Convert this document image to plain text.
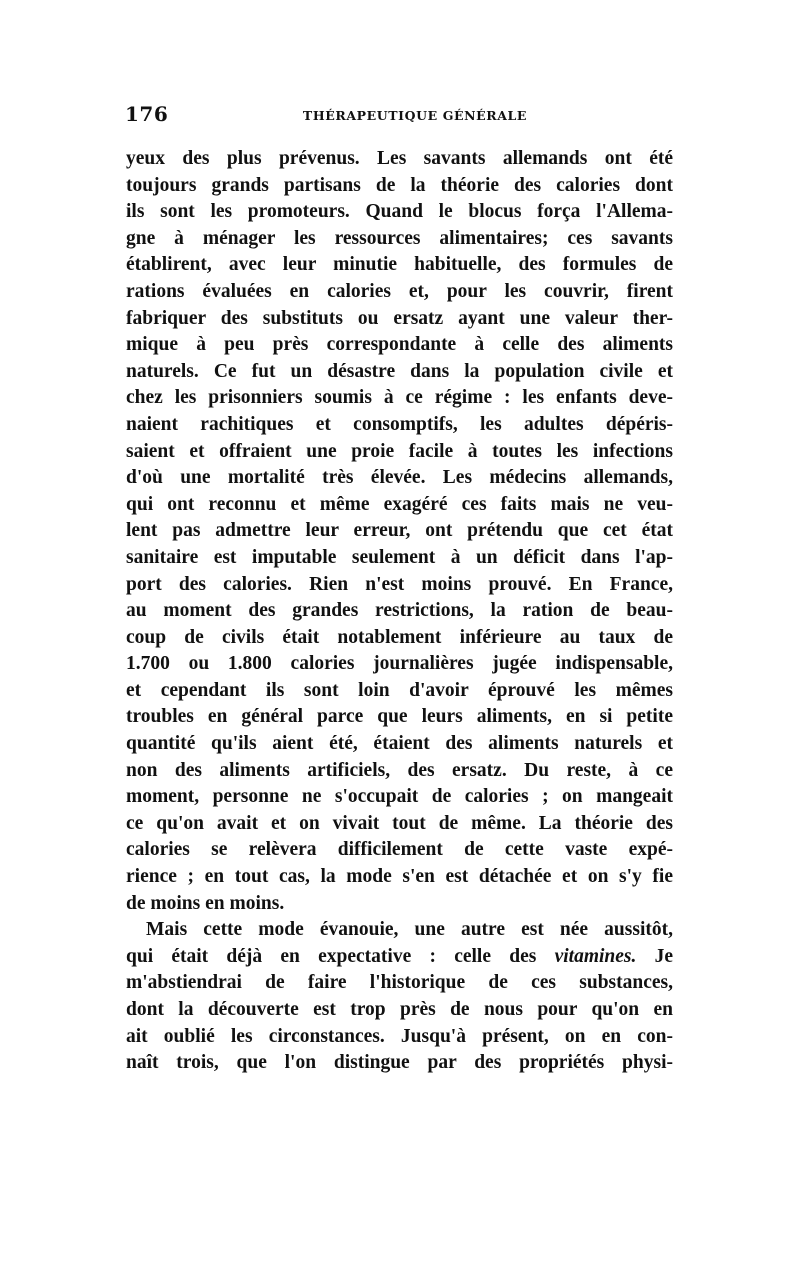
176	THÉRAPEUTIQUE GÉNÉRALE
yeux des plus prévenus. Les savants allemands ont été
toujours grands partisans de la théorie des calories dont
ils sont les promoteurs. Quand le blocus força l'Allema-
gne à ménager les ressources alimentaires; ces savants
établirent, avec leur minutie habituelle, des formules de
rations évaluées en calories et, pour les couvrir, firent
fabriquer des substituts ou ersatz ayant une valeur ther-
mique à peu près correspondante à celle des aliments
naturels. Ce fut un désastre dans la population civile et
chez les prisonniers soumis à ce régime : les enfants deve-
naient rachitiques et consomptifs, les adultes dépéris-
saient et offraient une proie facile à toutes les infections
d'où une mortalité très élevée. Les médecins allemands,
qui ont reconnu et même exagéré ces faits mais ne veu-
lent pas admettre leur erreur, ont prétendu que cet état
sanitaire est imputable seulement à un déficit dans l'ap-
port des calories. Rien n'est moins prouvé. En France,
au moment des grandes restrictions, la ration de beau-
coup de civils était notablement inférieure au taux de
1.700 ou 1.800 calories journalières jugée indispensable,
et cependant ils sont loin d'avoir éprouvé les mêmes
troubles en général parce que leurs aliments, en si petite
quantité qu'ils aient été, étaient des aliments naturels et
non des aliments artificiels, des ersatz. Du reste, à ce
moment, personne ne s'occupait de calories ; on mangeait
ce qu'on avait et on vivait tout de même. La théorie des
calories se relèvera difficilement de cette vaste expé-
rience ; en tout cas, la mode s'en est détachée et on s'y fie
de moins en moins.
Mais cette mode évanouie, une autre est née aussitôt,
qui était déjà en expectative : celle des vitamines. Je
m'abstiendrai de faire l'historique de ces substances,
dont la découverte est trop près de nous pour qu'on en
ait oublié les circonstances. Jusqu'à présent, on en con-
naît trois, que l'on distingue par des propriétés physi-
